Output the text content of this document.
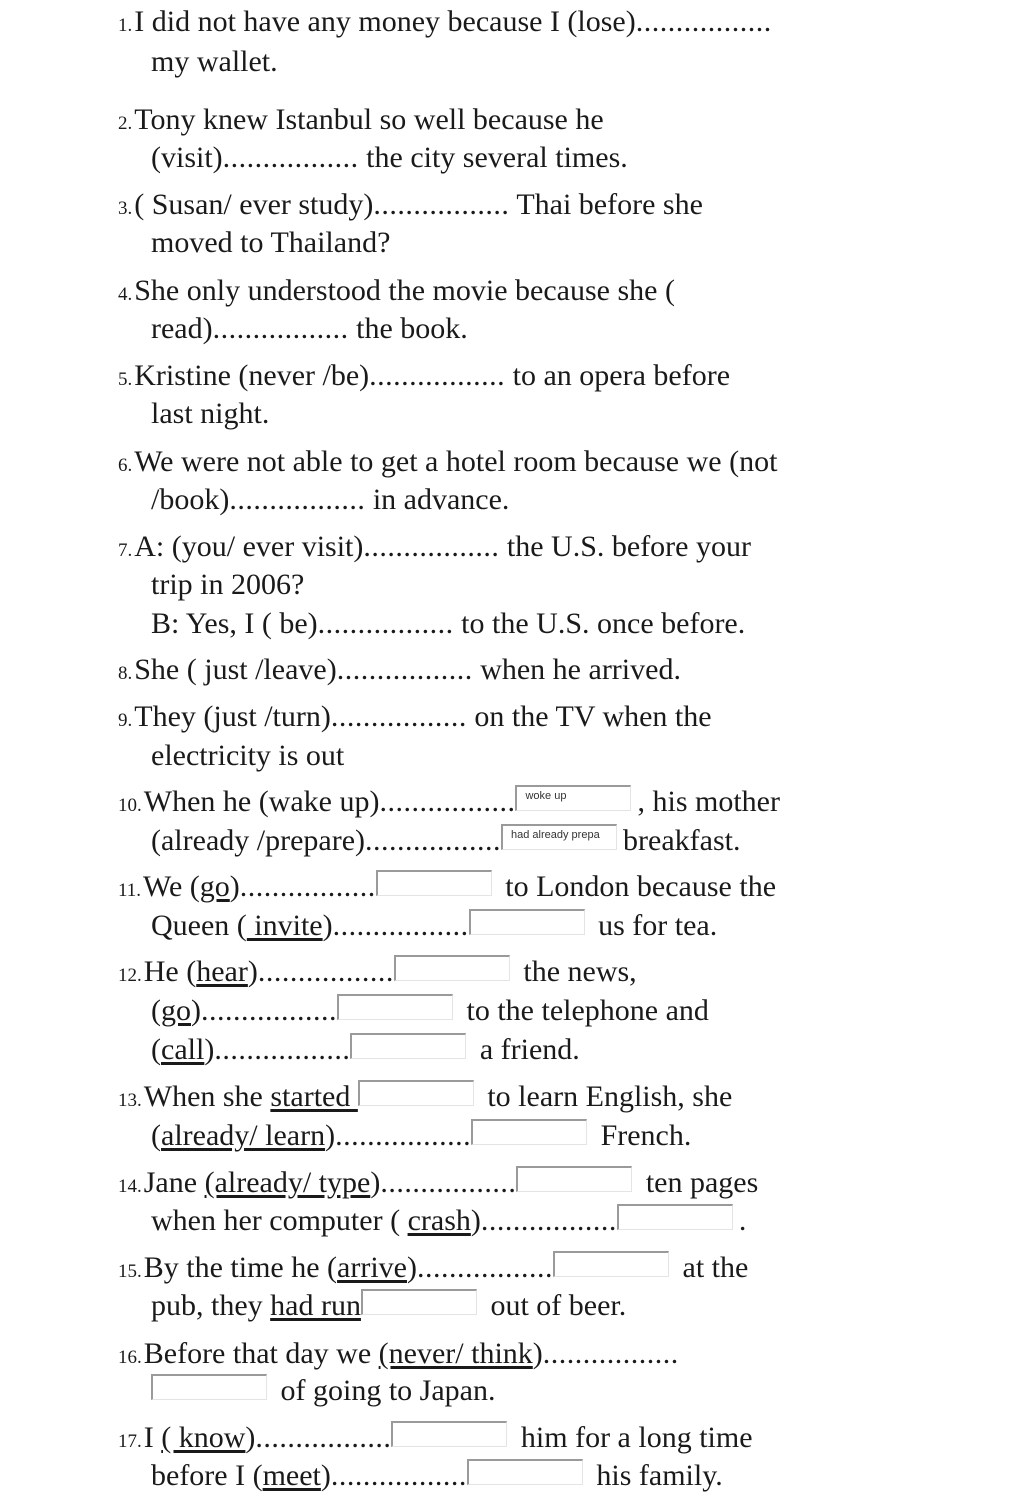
1.I did not have any money because I (lose).................
my wallet.
2.Tony knew Istanbul so well because he
(visit)................. the city several times.
3.( Susan/ ever study)................. Thai before she
moved to Thailand?
4.She only understood the movie because she (
read)................. the book.
5.Kristine (never /be)................. to an opera before
last night.
6.We were not able to get a hotel room because we (not
/book)................. in advance.
7.A: (you/ ever visit)................. the U.S. before your
trip in 2006?
B: Yes, I ( be)................. to the U.S. once before.
8.She ( just /leave)................. when he arrived.
9.They (just /turn)................. on the TV when the
electricity is out
10.When he (wake up)................. woke up , his mother
(already /prepare)................. had already prepa breakfast.
11.We (go).................	to London because the
Queen ( invite).................	us for tea.
12.He (hear).................	the news,
(go).................	to the telephone and
(call).................	a friend.
13.When she started	to learn English, she
(already/ learn).................	French.
14.Jane (already/ type).................	ten pages
when her computer ( crash).................	.
15.By the time he (arrive).................	at the
pub, they had run	out of beer.
16.Before that day we (never/ think).................
of going to Japan.
17.I ( know).................	him for a long time
before I (meet).................	his family.
